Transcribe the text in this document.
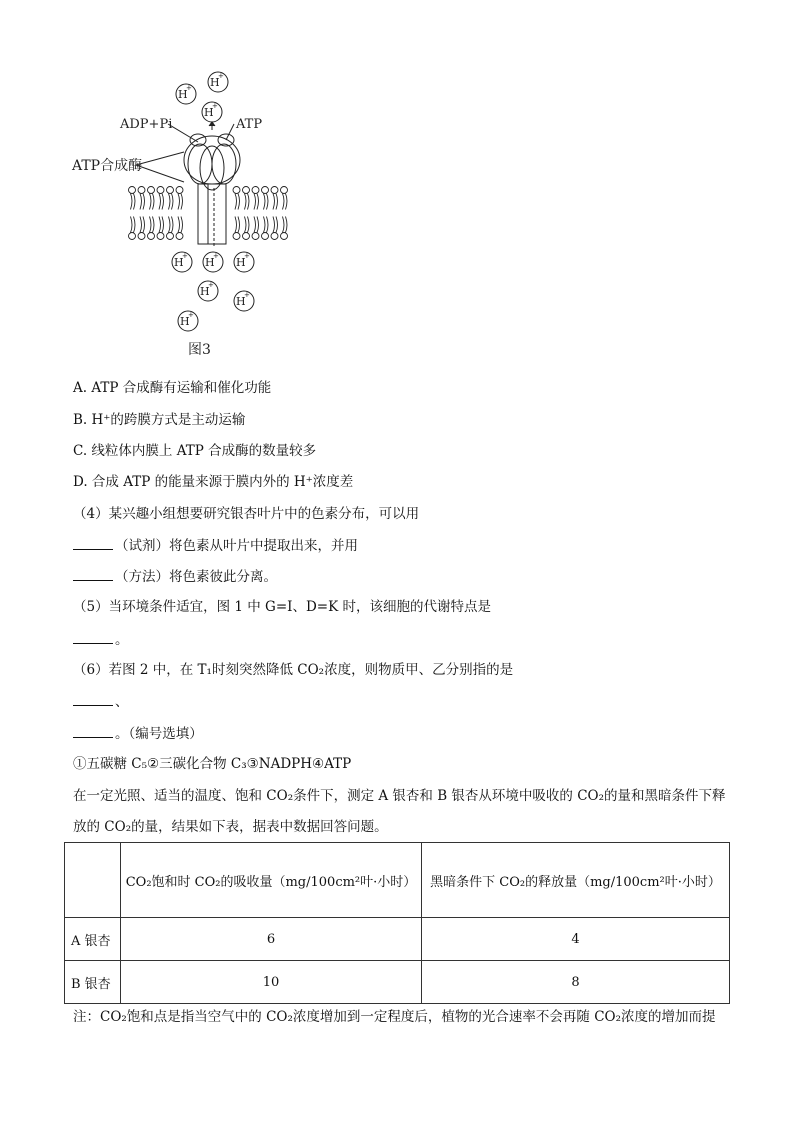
H
+ H
+
H
+
ADP+Pi	ATP
ATP合成酶
H
+ H
+ H
+
H
+
H
+
H
+
图3
A. ATP 合成酶有运输和催化功能
B. H⁺的跨膜方式是主动运输
C. 线粒体内膜上 ATP 合成酶的数量较多
D. 合成 ATP 的能量来源于膜内外的 H⁺浓度差
（4）某兴趣小组想要研究银杏叶片中的色素分布，可以用
（试剂）将色素从叶片中提取出来，并用
（方法）将色素彼此分离。
（5）当环境条件适宜，图 1 中 G=I、D=K 时，该细胞的代谢特点是
。
（6）若图 2 中，在 T₁时刻突然降低 CO₂浓度，则物质甲、乙分别指的是
、
。（编号选填）
①五碳糖 C₅②三碳化合物 C₃③NADPH④ATP
在一定光照、适当的温度、饱和 CO₂条件下，测定 A 银杏和 B 银杏从环境中吸收的 CO₂的量和黑暗条件下释
放的 CO₂的量，结果如下表，据表中数据回答问题。
	CO₂饱和时 CO₂的吸收量（mg/100cm²叶·小时）	黑暗条件下 CO₂的释放量（mg/100cm²叶·小时）
A 银杏	6	4
B 银杏	10	8
注：CO₂饱和点是指当空气中的 CO₂浓度增加到一定程度后，植物的光合速率不会再随 CO₂浓度的增加而提
